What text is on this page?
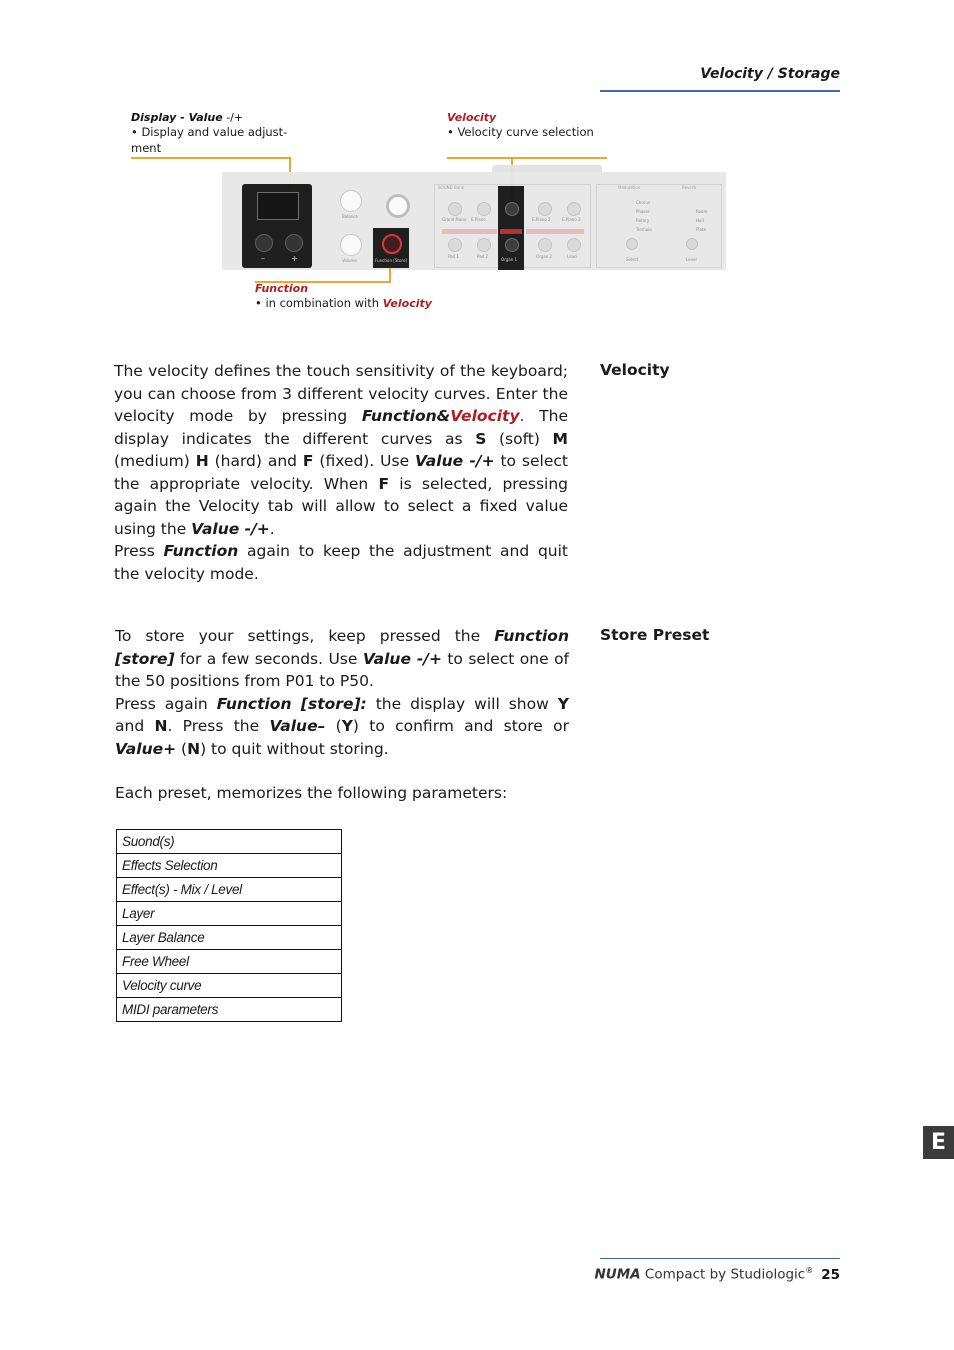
Velocity / Storage
Display - Value -/+
• Display and value adjust-
ment
Velocity
• Velocity curve selection
–	+
Balance
Volume	Function [Store]
SOUND Bank
Grand Piano E.Piano	E.Piano 2	E.Piano 3
Pad 1	Pad 2	Organ 2	Lead
Organ 1
Modulation	Reverb
Chorus
Phaser
Rotary
Tremolo
Room
Hall
Plate
Select	Level
Function
• in combination with Velocity
Velocity
The velocity defines the touch sensitivity of the keyboard; you can choose from 3 different velocity curves. Enter the velocity mode by pressing Function&Velocity. The display indicates the different curves as S (soft) M (medium) H (hard) and F (fixed). Use Value -/+ to select the appropriate velocity. When F is selected, pressing again the Velocity tab will allow to select a fixed value using the Value -/+.
Press Function again to keep the adjustment and quit the velocity mode.
Store Preset
To store your settings, keep pressed the Function [store] for a few seconds. Use Value -/+ to select one of the 50 positions from P01 to P50.
Press again Function [store]: the display will show Y and N. Press the Value– (Y) to confirm and store or Value+ (N) to quit without storing.
Each preset, memorizes the following parameters:
Suond(s)
Effects Selection
Effect(s) - Mix / Level
Layer
Layer Balance
Free Wheel
Velocity curve
MIDI parameters
E
NUMA Compact by Studiologic® 25
